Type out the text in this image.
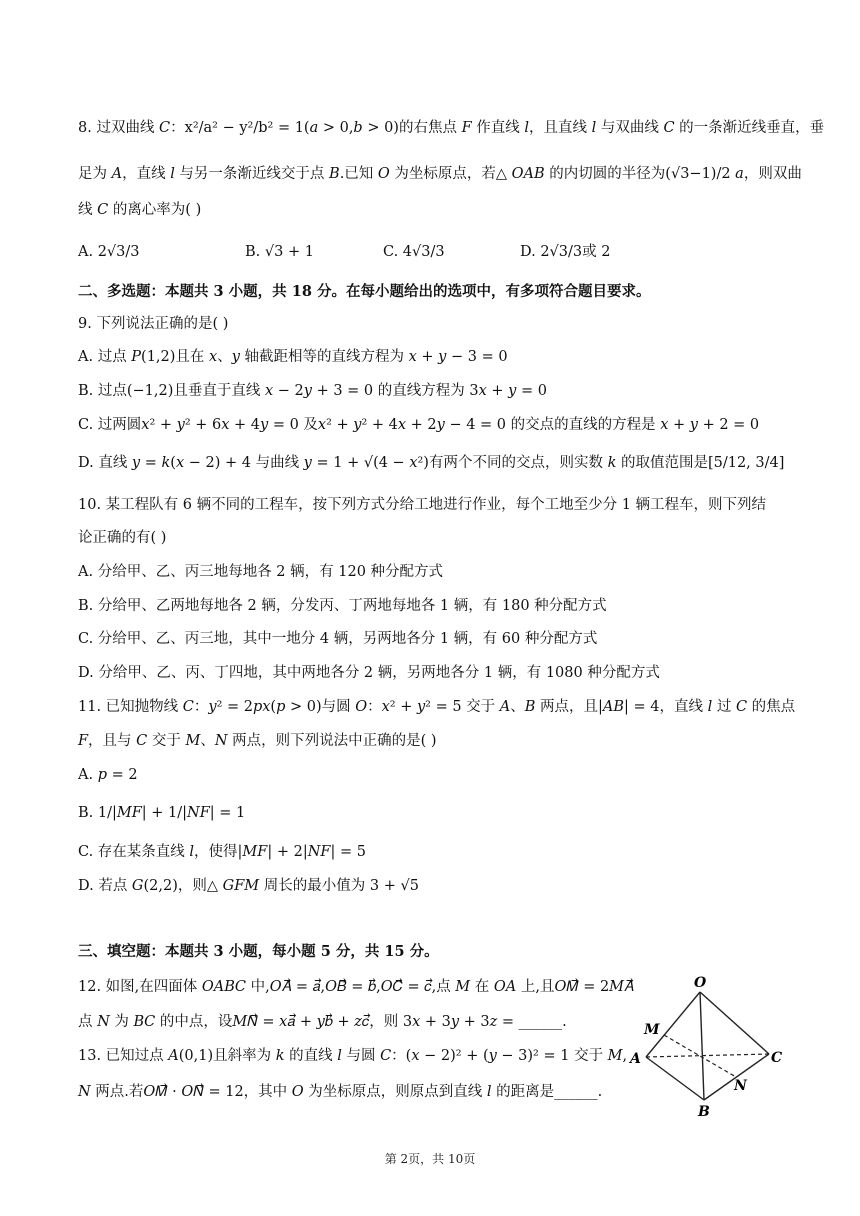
8. 过双曲线 𝐶：x²/a² − y²/b² = 1(𝑎 > 0,𝑏 > 0)的右焦点 𝐹 作直线 𝑙，且直线 𝑙 与双曲线 𝐶 的一条渐近线垂直，垂
足为 𝐴，直线 𝑙 与另一条渐近线交于点 𝐵.已知 𝑂 为坐标原点，若△ 𝑂𝐴𝐵 的内切圆的半径为(√3−1)/2 𝑎，则双曲
线 𝐶 的离心率为( )
A. 2√3/3	B. √3 + 1	C. 4√3/3	D. 2√3/3或 2
二、多选题：本题共 3 小题，共 18 分。在每小题给出的选项中，有多项符合题目要求。
9. 下列说法正确的是( )
A. 过点 𝑃(1,2)且在 𝑥、𝑦 轴截距相等的直线方程为 𝑥 + 𝑦 − 3 = 0
B. 过点(−1,2)且垂直于直线 𝑥 − 2𝑦 + 3 = 0 的直线方程为 3𝑥 + 𝑦 = 0
C. 过两圆𝑥² + 𝑦² + 6𝑥 + 4𝑦 = 0 及𝑥² + 𝑦² + 4𝑥 + 2𝑦 − 4 = 0 的交点的直线的方程是 𝑥 + 𝑦 + 2 = 0
D. 直线 𝑦 = 𝑘(𝑥 − 2) + 4 与曲线 𝑦 = 1 + √(4 − 𝑥²)有两个不同的交点，则实数 𝑘 的取值范围是[5/12, 3/4]
10. 某工程队有 6 辆不同的工程车，按下列方式分给工地进行作业，每个工地至少分 1 辆工程车，则下列结
论正确的有( )
A. 分给甲、乙、丙三地每地各 2 辆，有 120 种分配方式
B. 分给甲、乙两地每地各 2 辆，分发丙、丁两地每地各 1 辆，有 180 种分配方式
C. 分给甲、乙、丙三地，其中一地分 4 辆，另两地各分 1 辆，有 60 种分配方式
D. 分给甲、乙、丙、丁四地，其中两地各分 2 辆，另两地各分 1 辆，有 1080 种分配方式
11. 已知抛物线 𝐶：𝑦² = 2𝑝𝑥(𝑝 > 0)与圆 𝑂：𝑥² + 𝑦² = 5 交于 𝐴、𝐵 两点，且|𝐴𝐵| = 4，直线 𝑙 过 𝐶 的焦点
𝐹，且与 𝐶 交于 𝑀、𝑁 两点，则下列说法中正确的是( )
A. 𝑝 = 2
B. 1/|𝑀𝐹| + 1/|𝑁𝐹| = 1
C. 存在某条直线 𝑙，使得|𝑀𝐹| + 2|𝑁𝐹| = 5
D. 若点 𝐺(2,2)，则△ 𝐺𝐹𝑀 周长的最小值为 3 + √5
三、填空题：本题共 3 小题，每小题 5 分，共 15 分。
12. 如图,在四面体 𝑂𝐴𝐵𝐶 中,𝑂𝐴⃗ = 𝑎⃗,𝑂𝐵⃗ = 𝑏⃗,𝑂𝐶⃗ = 𝑐⃗,点 𝑀 在 𝑂𝐴 上,且𝑂𝑀⃗ = 2𝑀𝐴⃗
点 𝑁 为 𝐵𝐶 的中点，设𝑀𝑁⃗ = 𝑥𝑎⃗ + 𝑦𝑏⃗ + 𝑧𝑐⃗，则 3𝑥 + 3𝑦 + 3𝑧 = ______.
13. 已知过点 𝐴(0,1)且斜率为 𝑘 的直线 𝑙 与圆 𝐶：(𝑥 − 2)² + (𝑦 − 3)² = 1 交于 𝑀,
𝑁 两点.若𝑂𝑀⃗ · 𝑂𝑁⃗ = 12，其中 𝑂 为坐标原点，则原点到直线 𝑙 的距离是______.
O
M
A	C
N
B
第 2页，共 10页
